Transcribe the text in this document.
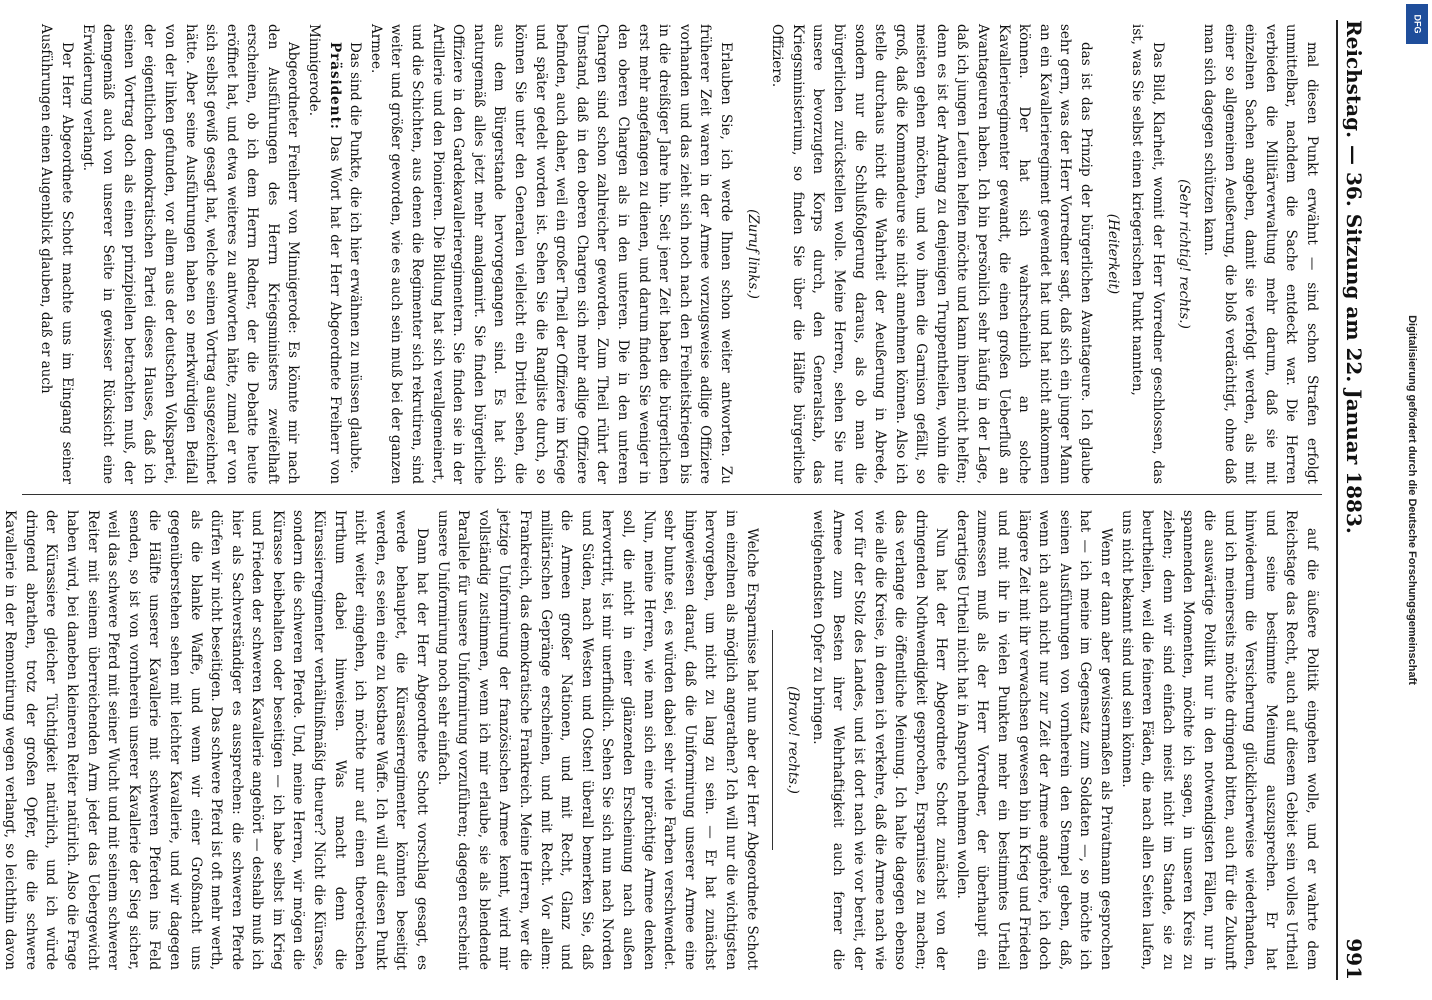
Reichstag. — 36. Sitzung am 22. Januar 1883.
991

mal diesen Punkt erwähnt — sind schon Strafen erfolgt unmittelbar, nachdem die Sache entdeckt war. Die Herren verbieden die Militärverwaltung mehr darum, daß sie mit einzelnen Sachen angeben, damit sie verfolgt werden, als mit einer so allgemeinen Aeußerung, die bloß verdächtigt, ohne daß man sich dagegen schützen kann.

(Sehr richtig! rechts.)

Das Bild, Klarheit, womit der Herr Vorredner geschlossen, das ist, was Sie selbst einen kriegerischen Punkt nannten,

(Heiterkeit)

das ist das Prinzip der bürgerlichen Avantageure. Ich glaube sehr gern, was der Herr Vorredner sagt, daß sich ein junger Mann an ein Kavallerieregiment gewendet hat und hat nicht ankommen können. Der hat sich wahrscheinlich an solche Kavallerieregimenter gewandt, die einen großen Ueberfluß an Avantageuren haben. Ich bin persönlich sehr häufig in der Lage, daß ich jungen Leuten helfen möchte und kann ihnen nicht helfen; denn es ist der Andrang zu denjenigen Truppentheilen, wohin die meisten gehen möchten, und wo ihnen die Garnison gefällt, so groß, daß die Kommandeure sie nicht annehmen können. Also ich stelle durchaus nicht die Wahrheit der Aeußerung in Abrede, sondern nur die Schlußfolgerung daraus, als ob man die bürgerlichen zurückstellen wolle. Meine Herren, sehen Sie nur unsere bevorzugten Korps durch, den Generalstab, das Kriegsministerium, so finden Sie über die Hälfte bürgerliche Offiziere.

(Zuruf links.)

Erlauben Sie, ich werde Ihnen schon weiter antworten. Zu früherer Zeit waren in der Armee vorzugsweise adlige Offiziere vorhanden und das zieht sich noch nach den Freiheitskriegen bis in die dreißiger Jahre hin. Seit jener Zeit haben die bürgerlichen erst mehr angefangen zu dienen, und darum finden Sie weniger in den oberen Chargen als in den unteren. Die in den unteren Chargen sind schon zahlreicher geworden. Zum Theil rührt der Umstand, daß in den oberen Chargen sich mehr adlige Offiziere befinden, auch daher, weil ein großer Theil der Offiziere im Kriege und später gedelt worden ist. Sehen Sie die Rangliste durch, so können Sie unter den Generalen vielleicht ein Drittel sehen, die aus dem Bürgerstande hervorgegangen sind. Es hat sich naturgemäß alles jetzt mehr amalgamirt. Sie finden bürgerliche Offiziere in den Gardekavallerieregimentern. Sie finden sie in der Artillerie und den Pionieren. Die Bildung hat sich verallgemeinert, und die Schichten, aus denen die Regimenter sich rekrutiren, sind weiter und größer geworden, wie es auch sein muß bei der ganzen Armee.

Das sind die Punkte, die ich hier erwähnen zu müssen glaubte.

Präsident: Das Wort hat der Herr Abgeordnete Freiherr von Minnigerode.

Abgeordneter Freiherr von Minnigerode: Es könnte mir nach den Ausführungen des Herrn Kriegsministers zweifelhaft erscheinen, ob ich dem Herrn Redner, der die Debatte heute eröffnet hat, und etwa weiteres zu antworten hätte, zumal er von sich selbst gewiß gesagt hat, welche seinen Vortrag ausgezeichnet hätte. Aber seine Ausführungen haben so merkwürdigen Beifall von der linken gefunden, vor allem aus der deutschen Volkspartei, der eigentlichen demokratischen Partei dieses Hauses, daß ich seinen Vortrag doch als einen prinzipiellen betrachten muß, der demgemäß auch von unserer Seite in gewisser Rücksicht eine Erwiderung verlangt.

Der Herr Abgeordnete Schott machte uns im Eingang seiner Ausführungen einen Augenblick glauben, daß er auch

auf die äußere Politik eingehen wolle, und er wahrte dem Reichstage das Recht, auch auf diesem Gebiet sein volles Urtheil und seine bestimmte Meinung auszusprechen. Er hat hinwiederum die Versicherung glücklicherweise wiederhanden, und ich meinerseits möchte dringend bitten, auch für die Zukunft die auswärtige Politik nur in den notwendigsten Fällen, nur in spannenden Momenten, möchte ich sagen, in unseren Kreis zu ziehen; denn wir sind einfach meist nicht im Stande, sie zu beurtheilen, weil die feineren Fäden, die nach allen Seiten laufen, uns nicht bekannt sind und sein können.

Wenn er dann aber gewissermaßen als Privatmann gesprochen hat — ich meine im Gegensatz zum Soldaten —, so möchte ich seinen Ausführungen von vornherein den Stempel geben, daß, wenn ich auch nicht nur zur Zeit der Armee angehöre, ich doch längere Zeit mit ihr verwachsen gewesen bin in Krieg und Frieden und mit ihr in vielen Punkten mehr ein bestimmtes Urtheil zumessen muß als der Herr Vorredner, der überhaupt ein derartiges Urtheil nicht hat in Anspruch nehmen wollen.

Nun hat der Herr Abgeordnete Schott zunächst von der dringenden Nothwendigkeit gesprochen, Ersparnisse zu machen; das verlange die öffentliche Meinung. Ich halte dagegen ebenso wie alle die Kreise, in denen ich verkehre, daß die Armee nach wie vor für der Stolz des Landes, und ist dort nach wie vor bereit, der Armee zum Besten ihrer Wehrhaftigkeit auch ferner die weitgehendsten Opfer zu bringen.

(Bravo! rechts.)

Welche Ersparnisse hat nun aber der Herr Abgeordnete Schott im einzelnen als möglich angerathen? Ich will nur die wichtigsten hervorgeben, um nicht zu lang zu sein. — Er hat zunächst hingewiesen darauf, daß die Uniformirung unserer Armee eine sehr bunte sei, es würden dabei sehr viele Farben verschwendet. Nun, meine Herren, wie man sich eine prächtige Armee denken soll, die nicht in einer glänzenden Erscheinung nach außen hervortritt, ist mir unerfindlich. Sehen Sie sich nun nach Norden und Süden, nach Westen und Osten! überall bemerken Sie, daß die Armeen großer Nationen, und mit Recht, Glanz und militärischen Gepränge erscheinen, und mit Recht. Vor allem: Frankreich, das demokratische Frankreich. Meine Herren, wer die jetzige Uniformirung der französischen Armee kennt, wird mir vollständig zustimmen, wenn ich mir erlaube, sie als blendende Parallele für unsere Uniformirung vorzuführen; dagegen erscheint unsere Uniformirung noch sehr einfach.

Dann hat der Herr Abgeordnete Schott vorschlag gesagt, es werde behauptet, die Kürassierregimenter könnten beseitigt werden, es seien eine zu kostbare Waffe. Ich will auf diesen Punkt nicht weiter eingehen, ich möchte nur auf einen theoretischen Irrthum dabei hinweisen. Was macht denn die Kürassierregimenter verhältnißmäßig theurer? Nicht die Kürasse, sondern die schweren Pferde. Und, meine Herren, wir mögen die Kürasse beibehalten oder beseitigen — ich habe selbst im Krieg und Frieden der schweren Kavallerie angehört — deshalb muß ich hier als Sachverständiger es aussprechen: die schweren Pferde dürfen wir nicht beseitigen. Das schwere Pferd ist oft mehr werth, als die blanke Waffe, und wenn wir einer Großmacht uns gegenüberstehen sehen mit leichter Kavallerie, und wir dagegen die Hälfte unserer Kavallerie mit schweren Pferden ins Feld senden, so ist von vornherein unserer Kavallerie der Sieg sicher, weil das schwere Pferd mit seiner Wucht und mit seinem schwerer Reiter mit seinem überreichenden Arm jeder das Uebergewicht haben wird, bei daneben kleineren Reiter natürlich. Also die Frage der Kürassiere gleicher Tüchtigkeit natürlich, und ich würde dringend abrathen, trotz der großen Opfer, die die schwere Kavallerie in der Remontirung wegen verlangt, so leichthin davon

Digitalisierung gefördert durch die Deutsche Forschungsgemeinschaft
DFG
